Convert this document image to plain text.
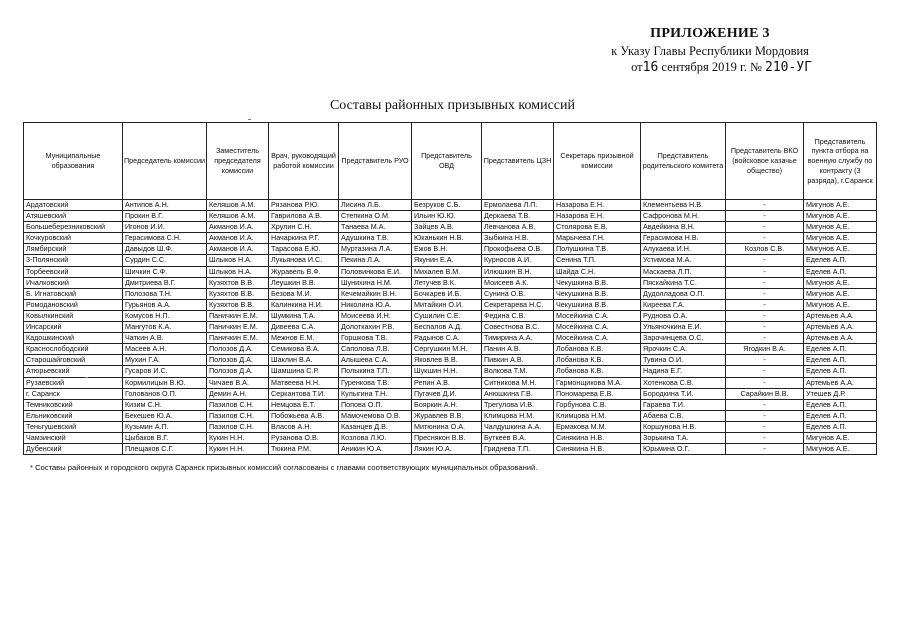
ПРИЛОЖЕНИЕ 3
к Указу Главы Республики Мордовия
от16 сентября 2019 г. № 210-УГ
Составы районных призывных комиссий
Муниципальные образования	Председатель комиссии	Заместитель председателя комиссии	Врач, руководящий работой комиссии	Представитель РУО	Представитель ОВД	Представитель ЦЗН	Секретарь призывной комиссии	Представитель родительского комитета	Представитель ВКО (войсковое казачье общество)	Представитель пункта отбора на военную службу по контракту (3 разряда), г.Саранск
Ардатовский	Антипов А.Н.	Келяшов А.М.	Рязанова Р.Ю.	Лисина Л.Б.	Безруков С.Б.	Ермолаева Л.П.	Назарова Е.Н.	Клементьева Н.В.	-	Мигунов А.Е.
Атяшевский	Прокин В.Г.	Келяшов А.М.	Гаврилова А.В.	Степкина О.М.	Ильин Ю.Ю.	Деркаева Т.В.	Назарова Е.Н.	Сафронова М.Н.	-	Мигунов А.Е.
Большеберезниковский	Игонов И.И.	Акманов И.А.	Хрулин С.Н.	Танаева М.А.	Зайцев А.В.	Левчанова А.В.	Столярова Е.В.	Авдейкина В.Н.	-	Мигунов А.Е.
Кочкуровский	Герасимова С.Н.	Акманов И.А.	Начаркина Р.Г.	Адушкина Т.В.	Юканькин Н.В.	Зыбкина Н.В.	Марычева Г.Н.	Герасимова Н.В.	-	Мигунов А.Е.
Лямбирский	Давыдов Ш.Ф.	Акманов И.А.	Тарасова Е.Ю.	Муртазина Л.А.	Ежов В.Н.	Прокофьева О.В.	Полушкина Т.В.	Алукаева И.Н.	Козлов С.В.	Мигунов А.Е.
3-Полянский	Сурдин С.С.	Шлыков Н.А.	Лукьянова И.С.	Пекина Л.А.	Якунин Е.А.	Курносов А.И.	Сенина Т.П.	Устимова М.А.	-	Еделев А.П.
Торбеевский	Шичкин С.Ф.	Шлыков Н.А.	Журавель В.Ф.	Половинкова Е.И.	Михалев В.М.	Илюшкин В.Н.	Шайда С.Н.	Маскаева Л.П.	-	Еделев А.П.
Ичалковский	Дмитриева В.Г.	Кузяхтов В.В.	Леушкин В.В.	Шунихина Н.М.	Летучев В.К.	Моисеев А.К.	Чекушкина В.В.	Пяскайкина Т.С.	-	Мигунов А.Е.
Б. Игнатовский	Полозова Т.Н.	Кузяхтов В.В.	Безова М.И.	Кечемайкин В.Н.	Бочкарев И.Б.	Сунина О.В.	Чекушкина В.В.	Дудолладова О.П.	-	Мигунов А.Е.
Ромодановский	Гурьянов А.А.	Кузяхтов В.В.	Калинкина Н.И.	Николина Ю.А.	Митайкин О.И.	Секретарева Н.С.	Чекушкина В.В.	Киреева Г.А.	-	Мигунов А.Е.
Ковылкинский	Комусов Н.П.	Паничкин Е.М.	Шумкина Т.А.	Моисеева И.Н.	Сушилин С.Е.	Федина С.В.	Мосейкина С.А.	Руднова О.А.	-	Артемьев А.А.
Инсарский	Мангутов К.А.	Паничкин Е.М.	Дивеева С.А.	Долоткахин Р.В.	Беспалов А.Д.	Совестнова В.С.	Мосейкина С.А.	Ульяночкина Е.И.	-	Артемьев А.А.
Кадошкинский	Чаткин А.В.	Паничкин Е.М.	Межнов Е.М.	Горшкова Т.В.	Радынов С.А.	Тимирина А.А.	Мосейкина С.А.	Зарочинцева О.С.	-	Артемьев А.А.
Краснослободский	Масеев А.Н.	Полозов Д.А.	Семикова В.А.	Саполова Л.В.	Сергушкин М.Н.	Панин А.В.	Лобанова К.В.	Ярочкин С.А.	Ягодкин В.А.	Еделев А.П.
Старошайговский	Мухин Г.А.	Полозов Д.А.	Шаклин В.А.	Алышева С.А.	Яковлев В.В.	Пивкин А.В.	Лобанова К.В.	Тувина О.И.	-	Еделев А.П.
Атюрьевский	Гусаров И.С.	Полозов Д.А.	Шамшина С.Р.	Полыкина Т.П.	Шукшин Н.Н.	Волкова Т.М.	Лобанова К.В.	Надина Е.Г.	-	Еделев А.П.
Рузаевский	Кормилицын В.Ю.	Чичаев В.А.	Матвеева Н.Н.	Гуренкова Т.В.	Репин А.В.	Ситникова М.Н.	Гармонщикова М.А.	Хотенкова С.В.	-	Артемьев А.А.
г. Саранск	Голованов О.П.	Демин А.Н.	Серкантова Т.И.	Кулыгина Т.Н.	Пугачев Д.И.	Анюшкина Г.В.	Пономарева Е.В.	Бородкина Т.И.	Сарайкин В.В.	Утешев Д.Р.
Темниковский	Кизим С.Н.	Пазилов С.Н.	Немцова Е.Т.	Попова О.П.	Бояркин А.Н.	Трегулова И.В.	Горбунова С.В.	Гараева Т.И.	-	Еделев А.П.
Ельниковский	Бекешев Ю.А.	Пазилов С.Н.	Побожьева А.В.	Мамочемова О.В.	Журавлев В.В.	Климцова Н.М.	Климцова Н.М.	Абаева С.В.	-	Еделев А.П.
Теньгушевский	Кузьмин А.П.	Пазилов С.Н.	Власов А.Н.	Казанцев Д.В.	Митюнина О.А.	Чалдушкина А.А.	Ермакова М.М.	Коршунова Н.В.	-	Еделев А.П.
Чамзинский	Цыбаков В.Г.	Кукин Н.Н.	Рузанова О.В.	Козлова Л.Ю.	Преснякон В.В.	Буткеев В.А.	Синякина Н.В.	Зорькина Т.А.	-	Мигунов А.Е.
Дубенский	Плещаков С.Г.	Кукин Н.Н.	Тюкина Р.М.	Аникин Ю.А.	Лякин Ю.А.	Гриднева Т.П.	Синякина Н.В.	Юрьмина О.Г.	-	Мигунов А.Е.
* Составы районных и городского округа Саранск призывных комиссий согласованы с главами соответствующих муниципальных образований.
